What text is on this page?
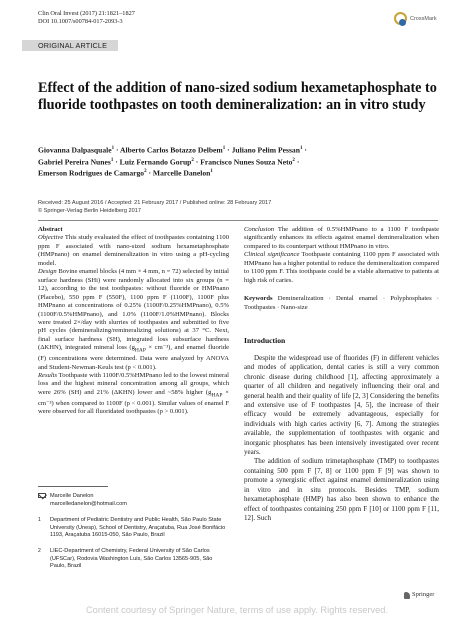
Clin Oral Invest (2017) 21:1821–1827
DOI 10.1007/s00784-017-2093-3	CrossMark
ORIGINAL ARTICLE
Effect of the addition of nano-sized sodium hexametaphosphate to fluoride toothpastes on tooth demineralization: an in vitro study
Giovanna Dalpasquale$^1$ · Alberto Carlos Botazzo Delbem$^1$ · Juliano Pelim Pessan$^1$ ·
Gabriel Pereira Nunes$^1$ · Luiz Fernando Gorup$^2$ · Francisco Nunes Souza Neto$^2$ ·
Emerson Rodrigues de Camargo$^2$ · Marcelle Danelon$^1$
Received: 25 August 2016 / Accepted: 21 February 2017 / Published online: 28 February 2017
© Springer-Verlag Berlin Heidelberg 2017

Abstract

Objective This study evaluated the effect of toothpastes containing 1100 ppm F associated with nano-sized sodium hexametaphosphate (HMPnano) on enamel demineralization in vitro using a pH-cycling model.

Design Bovine enamel blocks (4 mm × 4 mm, n = 72) selected by initial surface hardness (SHi) were randomly allocated into six groups (n = 12), according to the test toothpastes: without fluoride or HMPnano (Placebo), 550 ppm F (550F), 1100 ppm F (1100F), 1100F plus HMPnano at concentrations of 0.25% (1100F/0.25%HMPnano), 0.5% (1100F/0.5%HMPnano), and 1.0% (1100F/1.0%HMPnano). Blocks were treated 2×/day with slurries of toothpastes and submitted to five pH cycles (demineralizing/remineralizing solutions) at 37 °C. Next, final surface hardness (SH), integrated loss subsurface hardness (ΔKHN), integrated mineral loss $(g_{HAP} \times cm^{-3})$, and enamel fluoride (F) concentrations were determined. Data were analyzed by ANOVA and Student-Newman-Keuls test (p < 0.001).

Results Toothpaste with 1100F/0.5%HMPnano led to the lowest mineral loss and the highest mineral concentration among all groups, which were 26% (SH) and 21% (ΔKHN) lower and ~58% higher $(g_{HAP} \times cm^{-3})$ when compared to 1100F (p < 0.001). Similar values of enamel F were observed for all fluoridated toothpastes (p > 0.001).

Conclusion The addition of 0.5%HMPnano to a 1100 F toothpaste significantly enhances its effects against enamel demineralization when compared to its counterpart without HMPnano in vitro.

Clinical significance Toothpaste containing 1100 ppm F associated with HMPnano has a higher potential to reduce the demineralization compared to 1100 ppm F. This toothpaste could be a viable alternative to patients at high risk of caries.

Keywords Demineralization · Dental enamel · Polyphosphates · Toothpastes · Nano-size

Introduction

Despite the widespread use of fluorides (F) in different vehicles and modes of application, dental caries is still a very common chronic disease during childhood [1], affecting approximately a quarter of all children and negatively influencing their oral and general health and their quality of life [2, 3] Considering the benefits and extensive use of F toothpastes [4, 5], the increase of their efficacy would be extremely advantageous, especially for individuals with high caries activity [6, 7]. Among the strategies available, the supplementation of toothpastes with organic and inorganic phosphates has been intensively investigated over recent years.

The addition of sodium trimetaphosphate (TMP) to toothpastes containing 500 ppm F [7, 8] or 1100 ppm F [9] was shown to promote a synergistic effect against enamel demineralization using in vitro and in situ protocols. Besides TMP, sodium hexametaphosphate (HMP) has also been shown to enhance the effect of toothpastes containing 250 ppm F [10] or 1100 ppm F [11, 12]. Such

Marcelle Danelon
marcelledanelon@hotmail.com
1	Department of Pediatric Dentistry and Public Health, São Paulo State University (Unesp), School of Dentistry, Araçatuba, Rua José Bonifácio 1193, Araçatuba 16015-050, São Paulo, Brazil
2	LIEC-Department of Chemistry, Federal University of São Carlos (UFSCar), Rodovia Washington Luis, São Carlos 13565-905, São Paulo, Brazil
Springer
Content courtesy of Springer Nature, terms of use apply. Rights reserved.
